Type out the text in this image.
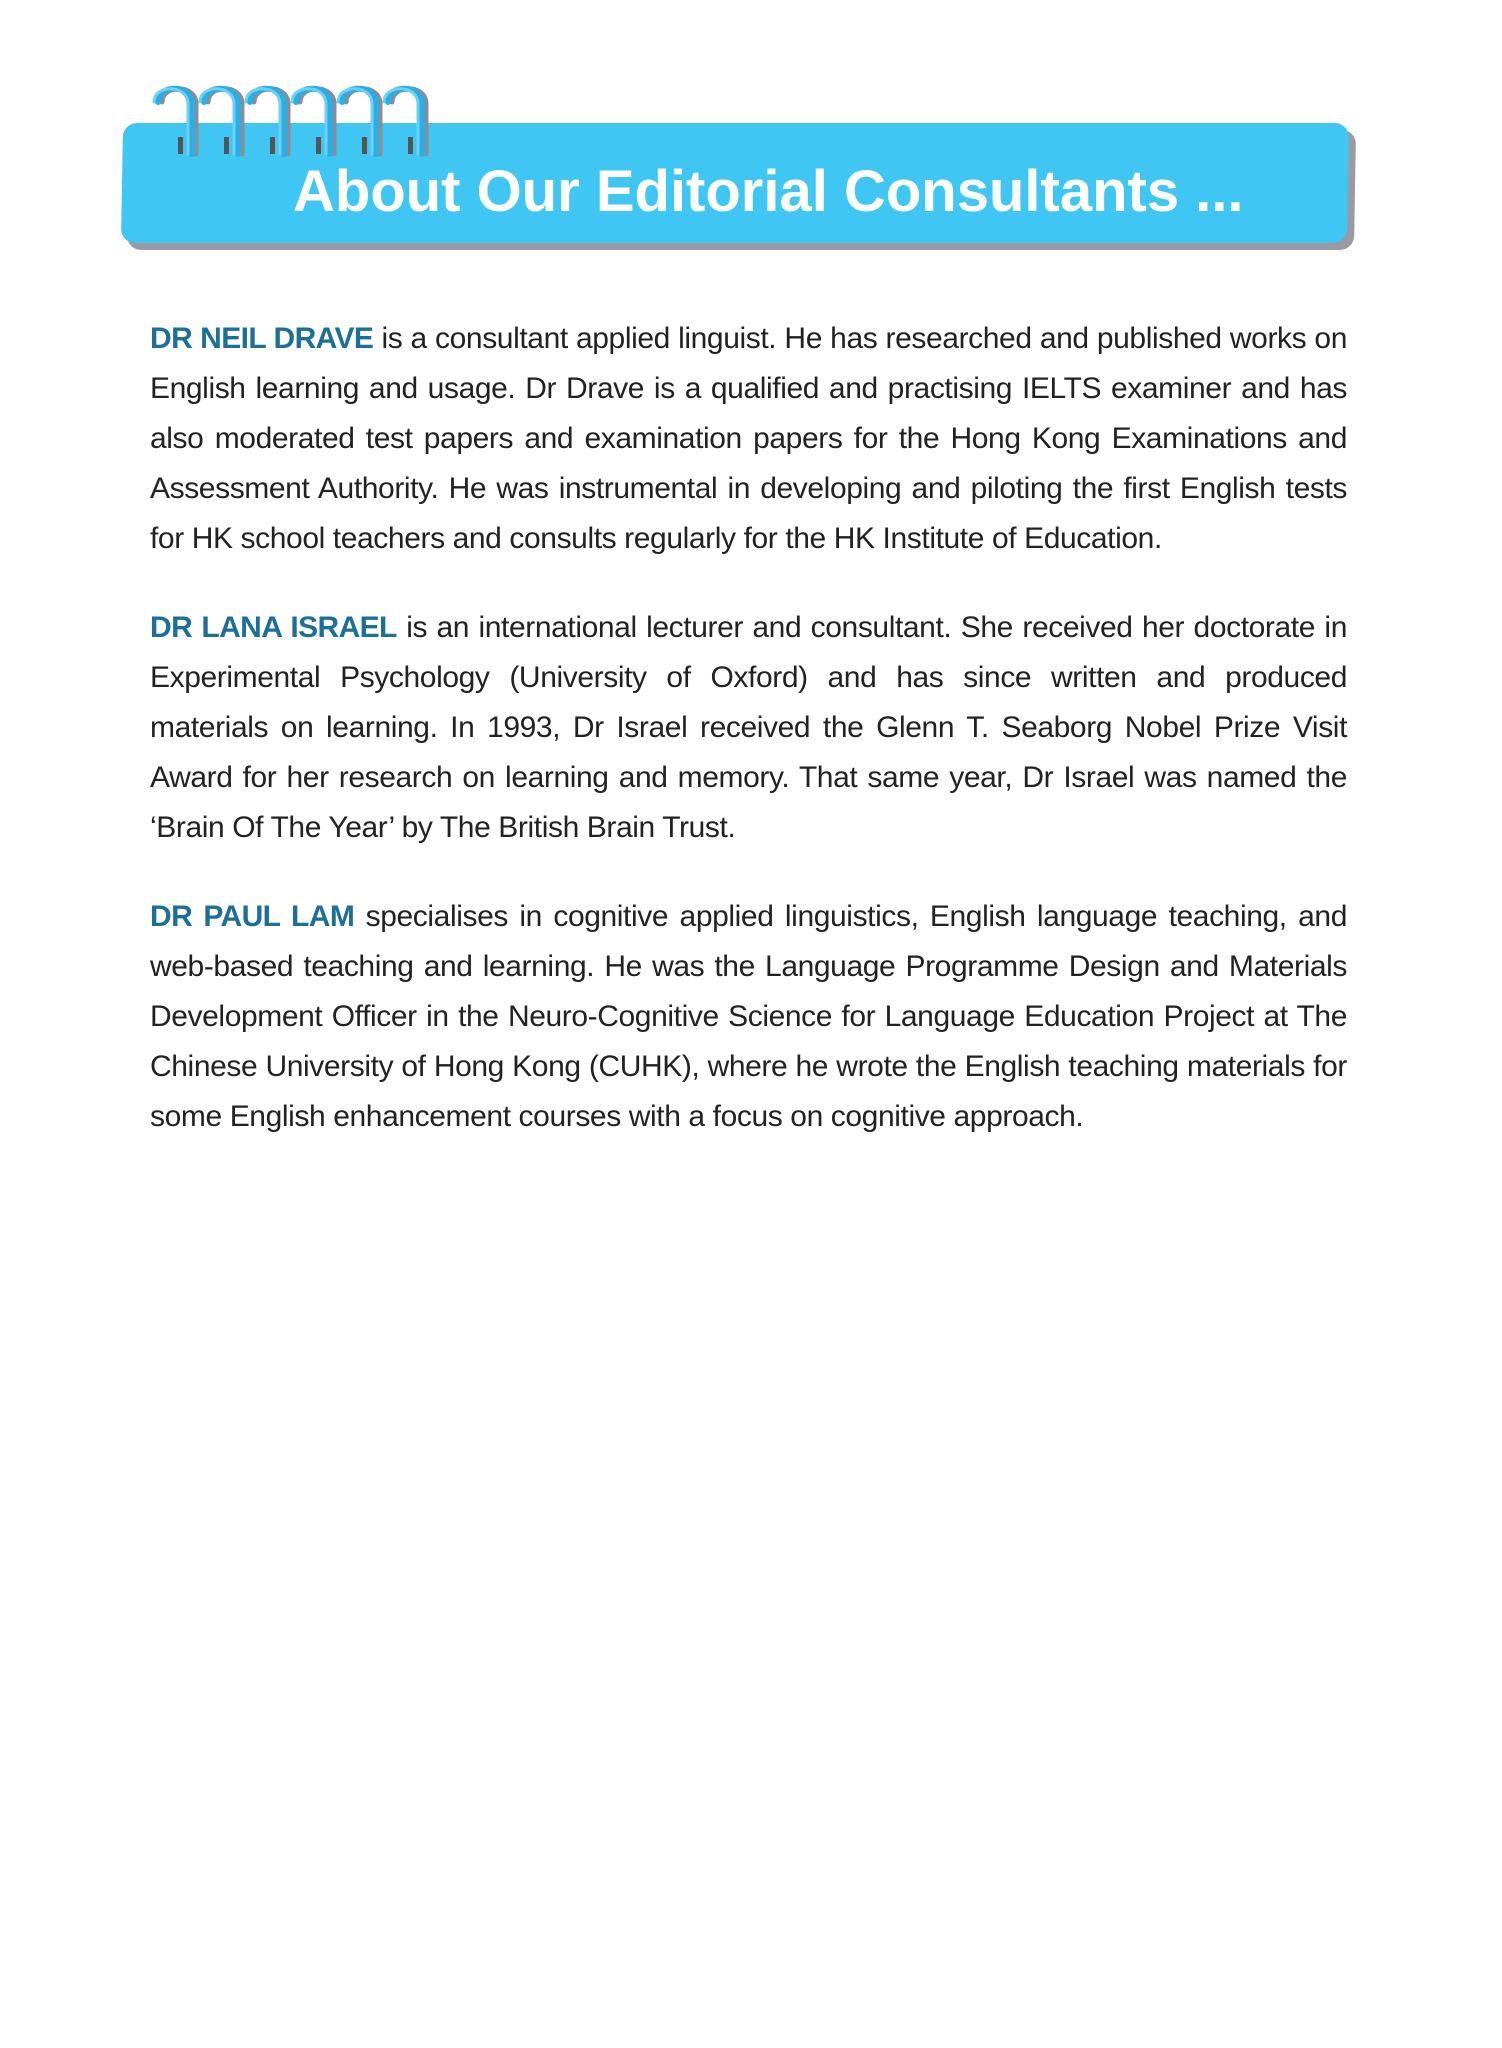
About Our Editorial Consultants ...

DR NEIL DRAVE is a consultant applied linguist. He has researched and published works on English learning and usage. Dr Drave is a qualified and practising IELTS examiner and has also moderated test papers and examination papers for the Hong Kong Examinations and Assessment Authority. He was instrumental in developing and piloting the first English tests for HK school teachers and consults regularly for the HK Institute of Education.

DR LANA ISRAEL is an international lecturer and consultant. She received her doctorate in Experimental Psychology (University of Oxford) and has since written and produced materials on learning. In 1993, Dr Israel received the Glenn T. Seaborg Nobel Prize Visit Award for her research on learning and memory. That same year, Dr Israel was named the ‘Brain Of The Year’ by The British Brain Trust.

DR PAUL LAM specialises in cognitive applied linguistics, English language teaching, and web-based teaching and learning. He was the Language Programme Design and Materials Development Officer in the Neuro-Cognitive Science for Language Education Project at The Chinese University of Hong Kong (CUHK), where he wrote the English teaching materials for some English enhancement courses with a focus on cognitive approach.
